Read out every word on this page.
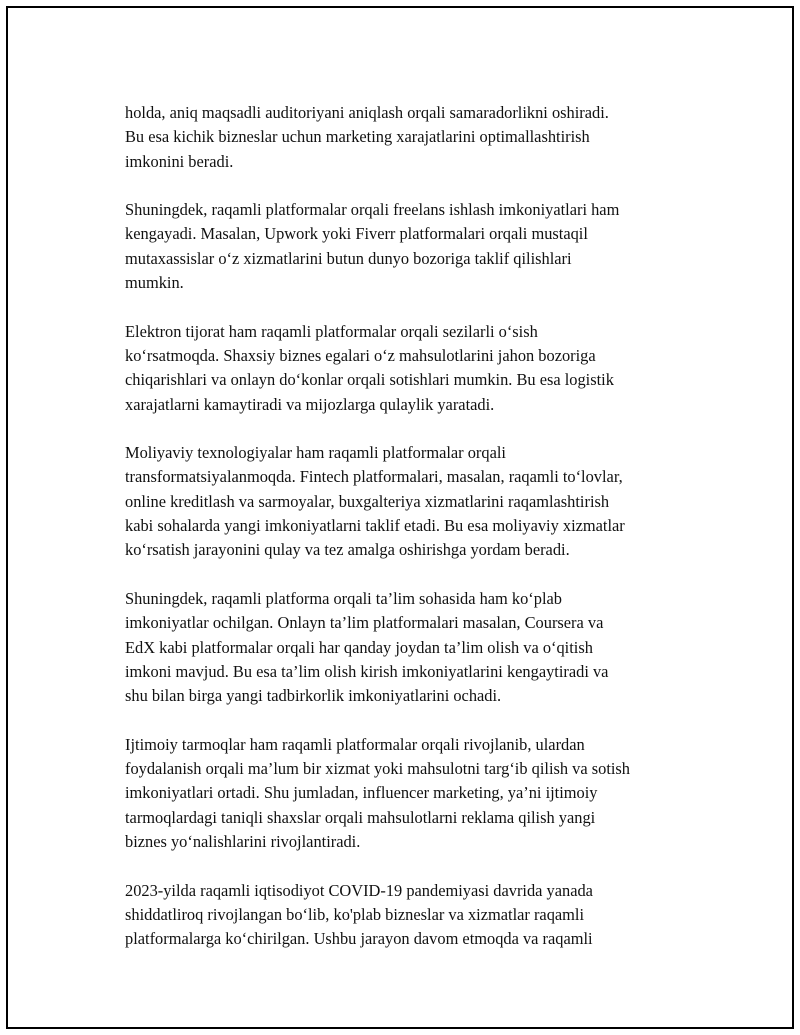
holda, aniq maqsadli auditoriyani aniqlash orqali samaradorlikni oshiradi.
Bu esa kichik bizneslar uchun marketing xarajatlarini optimallashtirish
imkonini beradi.

Shuningdek, raqamli platformalar orqali freelans ishlash imkoniyatlari ham
kengayadi. Masalan, Upwork yoki Fiverr platformalari orqali mustaqil
mutaxassislar o‘z xizmatlarini butun dunyo bozoriga taklif qilishlari
mumkin.

Elektron tijorat ham raqamli platformalar orqali sezilarli o‘sish
ko‘rsatmoqda. Shaxsiy biznes egalari o‘z mahsulotlarini jahon bozoriga
chiqarishlari va onlayn do‘konlar orqali sotishlari mumkin. Bu esa logistik
xarajatlarni kamaytiradi va mijozlarga qulaylik yaratadi.

Moliyaviy texnologiyalar ham raqamli platformalar orqali
transformatsiyalanmoqda. Fintech platformalari, masalan, raqamli to‘lovlar,
online kreditlash va sarmoyalar, buxgalteriya xizmatlarini raqamlashtirish
kabi sohalarda yangi imkoniyatlarni taklif etadi. Bu esa moliyaviy xizmatlar
ko‘rsatish jarayonini qulay va tez amalga oshirishga yordam beradi.

Shuningdek, raqamli platforma orqali ta’lim sohasida ham ko‘plab
imkoniyatlar ochilgan. Onlayn ta’lim platformalari masalan, Coursera va
EdX kabi platformalar orqali har qanday joydan ta’lim olish va o‘qitish
imkoni mavjud. Bu esa ta’lim olish kirish imkoniyatlarini kengaytiradi va
shu bilan birga yangi tadbirkorlik imkoniyatlarini ochadi.

Ijtimoiy tarmoqlar ham raqamli platformalar orqali rivojlanib, ulardan
foydalanish orqali ma’lum bir xizmat yoki mahsulotni targ‘ib qilish va sotish
imkoniyatlari ortadi. Shu jumladan, influencer marketing, ya’ni ijtimoiy
tarmoqlardagi taniqli shaxslar orqali mahsulotlarni reklama qilish yangi
biznes yo‘nalishlarini rivojlantiradi.

2023-yilda raqamli iqtisodiyot COVID-19 pandemiyasi davrida yanada
shiddatliroq rivojlangan bo‘lib, ko'plab bizneslar va xizmatlar raqamli
platformalarga ko‘chirilgan. Ushbu jarayon davom etmoqda va raqamli
